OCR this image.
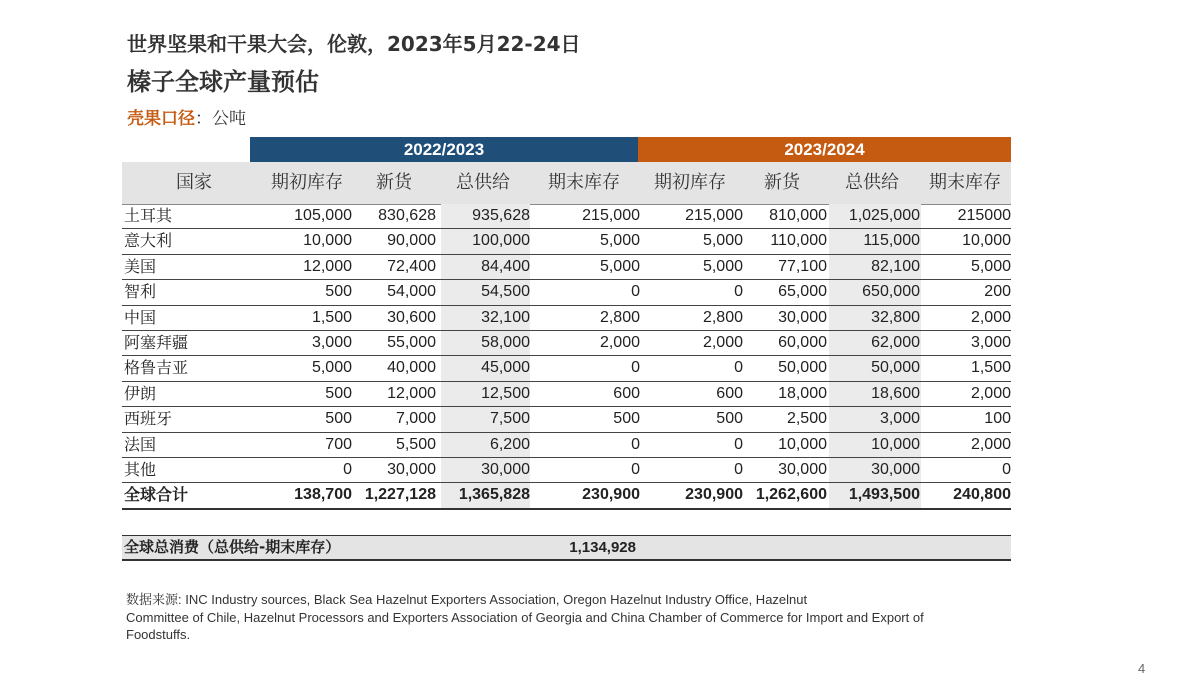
世界坚果和干果大会，伦敦，2023年5月22-24日
榛子全球产量预估
壳果口径：公吨
2022/2023	2023/2024
国家	期初库存 新货 总供给 期末库存 期初库存 新货	总供给 期末库存
土耳其	105,000 830,628 935,628	215,000	215,000 810,000 1,025,000 215000
意大利	10,000 90,000 100,000	5,000	5,000 110,000 115,000	10,000
美国	12,000 72,400	84,400	5,000	5,000 77,100	82,100	5,000
智利	500 54,000	54,500	0	0 65,000 650,000	200
中国	1,500 30,600	32,100	2,800	2,800 30,000	32,800	2,000
阿塞拜疆	3,000 55,000	58,000	2,000	2,000 60,000	62,000	3,000
格鲁吉亚	5,000 40,000	45,000	0	0 50,000	50,000	1,500
伊朗	500 12,000	12,500	600	600 18,000	18,600	2,000
西班牙	500	7,000	7,500	500	500	2,500	3,000	100
法国	700	5,500	6,200	0	0 10,000	10,000	2,000
其他	0 30,000	30,000	0	0 30,000	30,000	0
全球合计	138,700 1,227,128 1,365,828	230,900	230,900 1,262,600 1,493,500 240,800
全球总消费（总供给-期末库存）	1,134,928
数据来源: INC Industry sources, Black Sea Hazelnut Exporters Association, Oregon Hazelnut Industry Office, Hazelnut
Committee of Chile, Hazelnut Processors and Exporters Association of Georgia and China Chamber of Commerce for Import and Export of
Foodstuffs.
4
